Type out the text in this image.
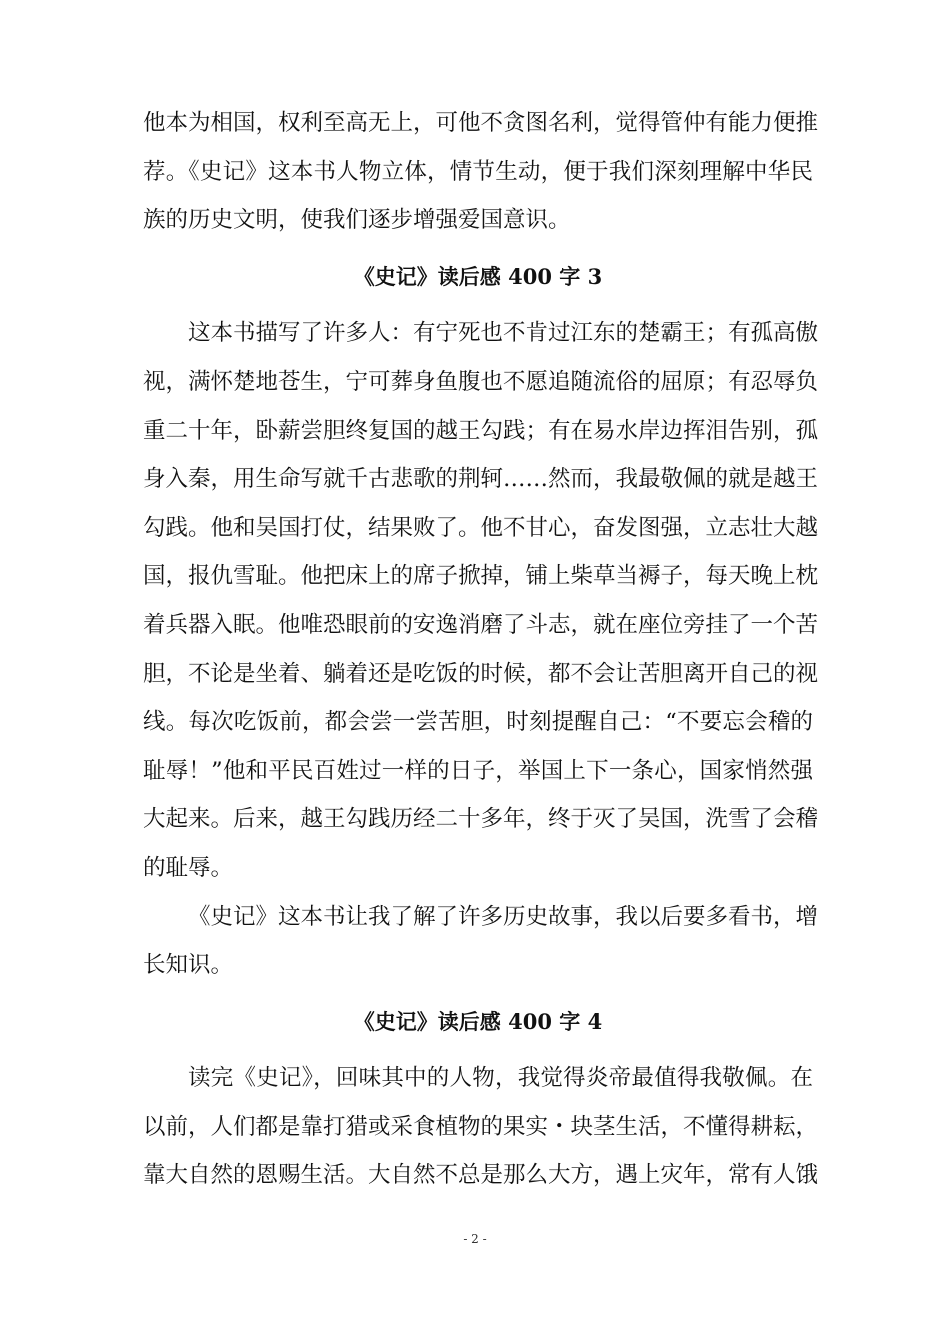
他本为相国，权利至高无上，可他不贪图名利，觉得管仲有能力便推
荐。《史记》这本书人物立体，情节生动，便于我们深刻理解中华民
族的历史文明，使我们逐步增强爱国意识。
《史记》读后感 400 字 3
这本书描写了许多人：有宁死也不肯过江东的楚霸王；有孤高傲
视，满怀楚地苍生，宁可葬身鱼腹也不愿追随流俗的屈原；有忍辱负
重二十年，卧薪尝胆终复国的越王勾践；有在易水岸边挥泪告别，孤
身入秦，用生命写就千古悲歌的荆轲……然而，我最敬佩的就是越王
勾践。他和吴国打仗，结果败了。他不甘心，奋发图强，立志壮大越
国，报仇雪耻。他把床上的席子掀掉，铺上柴草当褥子，每天晚上枕
着兵器入眠。他唯恐眼前的安逸消磨了斗志，就在座位旁挂了一个苦
胆，不论是坐着、躺着还是吃饭的时候，都不会让苦胆离开自己的视
线。每次吃饭前，都会尝一尝苦胆，时刻提醒自己：“不要忘会稽的
耻辱！”他和平民百姓过一样的日子，举国上下一条心，国家悄然强
大起来。后来，越王勾践历经二十多年，终于灭了吴国，洗雪了会稽
的耻辱。
《史记》这本书让我了解了许多历史故事，我以后要多看书，增
长知识。
《史记》读后感 400 字 4
读完《史记》，回味其中的人物，我觉得炎帝最值得我敬佩。在
以前，人们都是靠打猎或采食植物的果实・块茎生活，不懂得耕耘，
靠大自然的恩赐生活。大自然不总是那么大方，遇上灾年，常有人饿
- 2 -
